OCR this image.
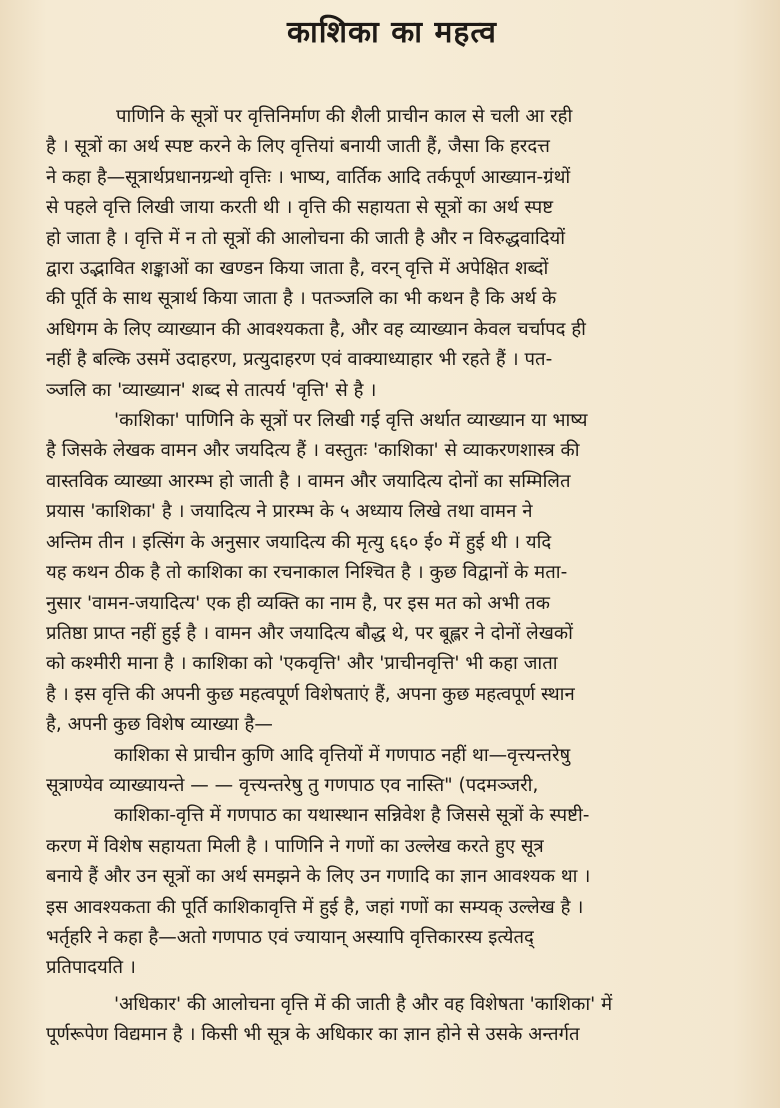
काशिका का महत्व
पाणिनि के सूत्रों पर वृत्तिनिर्माण की शैली प्राचीन काल से चली आ रही
है । सूत्रों का अर्थ स्पष्ट करने के लिए वृत्तियां बनायी जाती हैं, जैसा कि हरदत्त
ने कहा है—सूत्रार्थप्रधानग्रन्थो वृत्तिः । भाष्य, वार्तिक आदि तर्कपूर्ण आख्यान-ग्रंथों
से पहले वृत्ति लिखी जाया करती थी । वृत्ति की सहायता से सूत्रों का अर्थ स्पष्ट
हो जाता है । वृत्ति में न तो सूत्रों की आलोचना की जाती है और न विरुद्धवादियों
द्वारा उद्भावित शङ्काओं का खण्डन किया जाता है, वरन् वृत्ति में अपेक्षित शब्दों
की पूर्ति के साथ सूत्रार्थ किया जाता है । पतञ्जलि का भी कथन है कि अर्थ के
अधिगम के लिए व्याख्यान की आवश्यकता है, और वह व्याख्यान केवल चर्चापद ही
नहीं है बल्कि उसमें उदाहरण, प्रत्युदाहरण एवं वाक्याध्याहार भी रहते हैं । पत-
ञ्जलि का 'व्याख्यान' शब्द से तात्पर्य 'वृत्ति' से है ।
'काशिका' पाणिनि के सूत्रों पर लिखी गई वृत्ति अर्थात व्याख्यान या भाष्य
है जिसके लेखक वामन और जयदित्य हैं । वस्तुतः 'काशिका' से व्याकरणशास्त्र की
वास्तविक व्याख्या आरम्भ हो जाती है । वामन और जयादित्य दोनों का सम्मिलित
प्रयास 'काशिका' है । जयादित्य ने प्रारम्भ के ५ अध्याय लिखे तथा वामन ने
अन्तिम तीन । इत्सिंग के अनुसार जयादित्य की मृत्यु ६६० ई० में हुई थी । यदि
यह कथन ठीक है तो काशिका का रचनाकाल निश्चित है । कुछ विद्वानों के मता-
नुसार 'वामन-जयादित्य' एक ही व्यक्ति का नाम है, पर इस मत को अभी तक
प्रतिष्ठा प्राप्त नहीं हुई है । वामन और जयादित्य बौद्ध थे, पर बूह्लर ने दोनों लेखकों
को कश्मीरी माना है । काशिका को 'एकवृत्ति' और 'प्राचीनवृत्ति' भी कहा जाता
है । इस वृत्ति की अपनी कुछ महत्वपूर्ण विशेषताएं हैं, अपना कुछ महत्वपूर्ण स्थान
है, अपनी कुछ विशेष व्याख्या है—
काशिका से प्राचीन कुणि आदि वृत्तियों में गणपाठ नहीं था—वृत्त्यन्तरेषु
सूत्राण्येव व्याख्यायन्ते — — वृत्त्यन्तरेषु तु गणपाठ एव नास्ति" (पदमञ्जरी,
काशिका-वृत्ति में गणपाठ का यथास्थान सन्निवेश है जिससे सूत्रों के स्पष्टी-
करण में विशेष सहायता मिली है । पाणिनि ने गणों का उल्लेख करते हुए सूत्र
बनाये हैं और उन सूत्रों का अर्थ समझने के लिए उन गणादि का ज्ञान आवश्यक था ।
इस आवश्यकता की पूर्ति काशिकावृत्ति में हुई है, जहां गणों का सम्यक् उल्लेख है ।
भर्तृहरि ने कहा है—अतो गणपाठ एवं ज्यायान् अस्यापि वृत्तिकारस्य इत्येतद्
प्रतिपादयति ।
'अधिकार' की आलोचना वृत्ति में की जाती है और वह विशेषता 'काशिका' में
पूर्णरूपेण विद्यमान है । किसी भी सूत्र के अधिकार का ज्ञान होने से उसके अन्तर्गत
